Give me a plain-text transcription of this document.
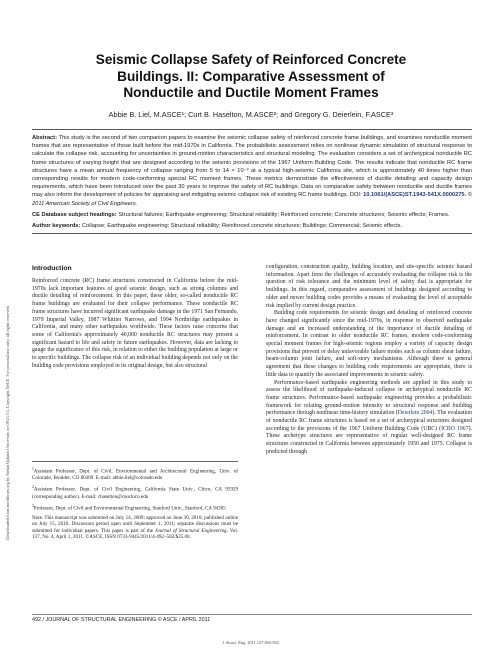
Downloaded from ascelibrary.org by Stefan Qubain University on 09/21/13. Copyright ASCE. For personal use only; all rights reserved.
Seismic Collapse Safety of Reinforced Concrete
Buildings. II: Comparative Assessment of
Nonductile and Ductile Moment Frames
Abbie B. Liel, M.ASCE¹; Curt B. Haselton, M.ASCE²; and Gregory G. Deierlein, F.ASCE³
Abstract: This study is the second of two companion papers to examine the seismic collapse safety of reinforced concrete frame buildings, and examines nonductile moment frames that are representative of those built before the mid-1970s in California. The probabilistic assessment relies on nonlinear dynamic simulation of structural response to calculate the collapse risk, accounting for uncertainties in ground-motion characteristics and structural modeling. The evaluation considers a set of archetypical nonductile RC frame structures of varying height that are designed according to the seismic provisions of the 1967 Uniform Building Code. The results indicate that nonductile RC frame structures have a mean annual frequency of collapse ranging from 5 to 14 × 10⁻³ at a typical high-seismic California site, which is approximately 40 times higher than corresponding results for modern code-conforming special RC moment frames. These metrics demonstrate the effectiveness of ductile detailing and capacity design requirements, which have been introduced over the past 30 years to improve the safety of RC buildings. Data on comparative safety between nonductile and ductile frames may also inform the development of policies for appraising and mitigating seismic collapse risk of existing RC frame buildings. DOI: 10.1061/(ASCE)ST.1943-541X.0000275. © 2011 American Society of Civil Engineers.
CE Database subject headings: Structural failures; Earthquake engineering; Structural reliability; Reinforced concrete; Concrete structures; Seismic effects; Frames.
Author keywords: Collapse; Earthquake engineering; Structural reliability; Reinforced concrete structures; Buildings; Commercial; Seismic effects.
Introduction

Reinforced concrete (RC) frame structures constructed in California before the mid-1970s lack important features of good seismic design, such as strong columns and ductile detailing of reinforcement. In this paper, these older, so-called nonductile RC frame buildings are evaluated for their collapse performance. These nonductile RC frame structures have incurred significant earthquake damage in the 1971 San Fernando, 1979 Imperial Valley, 1987 Whittier Narrows, and 1994 Northridge earthquakes in California, and many other earthquakes worldwide. These factors raise concerns that some of California's approximately 40,000 nonductile RC structures may present a significant hazard to life and safety in future earthquakes. However, data are lacking to gauge the significance of this risk, in relation to either the building population at large or to specific buildings. The collapse risk of an individual building depends not only on the building code provisions employed in its original design, but also structural

$^1$Assistant Professor, Dept. of Civil, Environmental and Architectural Engineering, Univ. of Colorado, Boulder, CO 80309. E-mail: abbie.liel@colorado.edu
$^2$Assistant Professor, Dept. of Civil Engineering, California State Univ., Chico, CA 95929 (corresponding author). E-mail: chaselton@csuchico.edu
$^3$Professor, Dept. of Civil and Environmental Engineering, Stanford Univ., Stanford, CA 94305
Note. This manuscript was submitted on July 14, 2009; approved on June 30, 2010; published online on July 15, 2010. Discussion period open until September 1, 2011; separate discussions must be submitted for individual papers. This paper is part of the Journal of Structural Engineering, Vol. 137, No. 4, April 1, 2011. ©ASCE, ISSN 0733-9445/2011/4-492–502/$25.00.

configuration, construction quality, building location, and site-specific seismic hazard information. Apart from the challenges of accurately evaluating the collapse risk is the question of risk tolerance and the minimum level of safety that is appropriate for buildings. In this regard, comparative assessment of buildings designed according to older and newer building codes provides a means of evaluating the level of acceptable risk implied by current design practice.

Building code requirements for seismic design and detailing of reinforced concrete have changed significantly since the mid-1970s, in response to observed earthquake damage and an increased understanding of the importance of ductile detailing of reinforcement. In contrast to older nonductile RC frames, modern code-conforming special moment frames for high-seismic regions employ a variety of capacity design provisions that prevent or delay unfavorable failure modes such as column shear failure, beam-column joint failure, and soft-story mechanisms. Although there is general agreement that these changes to building code requirements are appropriate, there is little data to quantify the associated improvements in seismic safety.

Performance-based earthquake engineering methods are applied in this study to assess the likelihood of earthquake-induced collapse in archetypical nonductile RC frame structures. Performance-based earthquake engineering provides a probabilistic framework for relating ground-motion intensity to structural response and building performance through nonlinear time-history simulation (Deierlein 2004). The evaluation of nonductile RC frame structures is based on a set of archetypical structures designed according to the provisions of the 1967 Uniform Building Code (UBC) (ICBO 1967). These archetype structures are representative of regular well-designed RC frame structures constructed in California between approximately 1950 and 1975. Collapse is predicted through

492 / JOURNAL OF STRUCTURAL ENGINEERING © ASCE / APRIL 2011
J. Struct. Eng. 2011.137:492-502.
